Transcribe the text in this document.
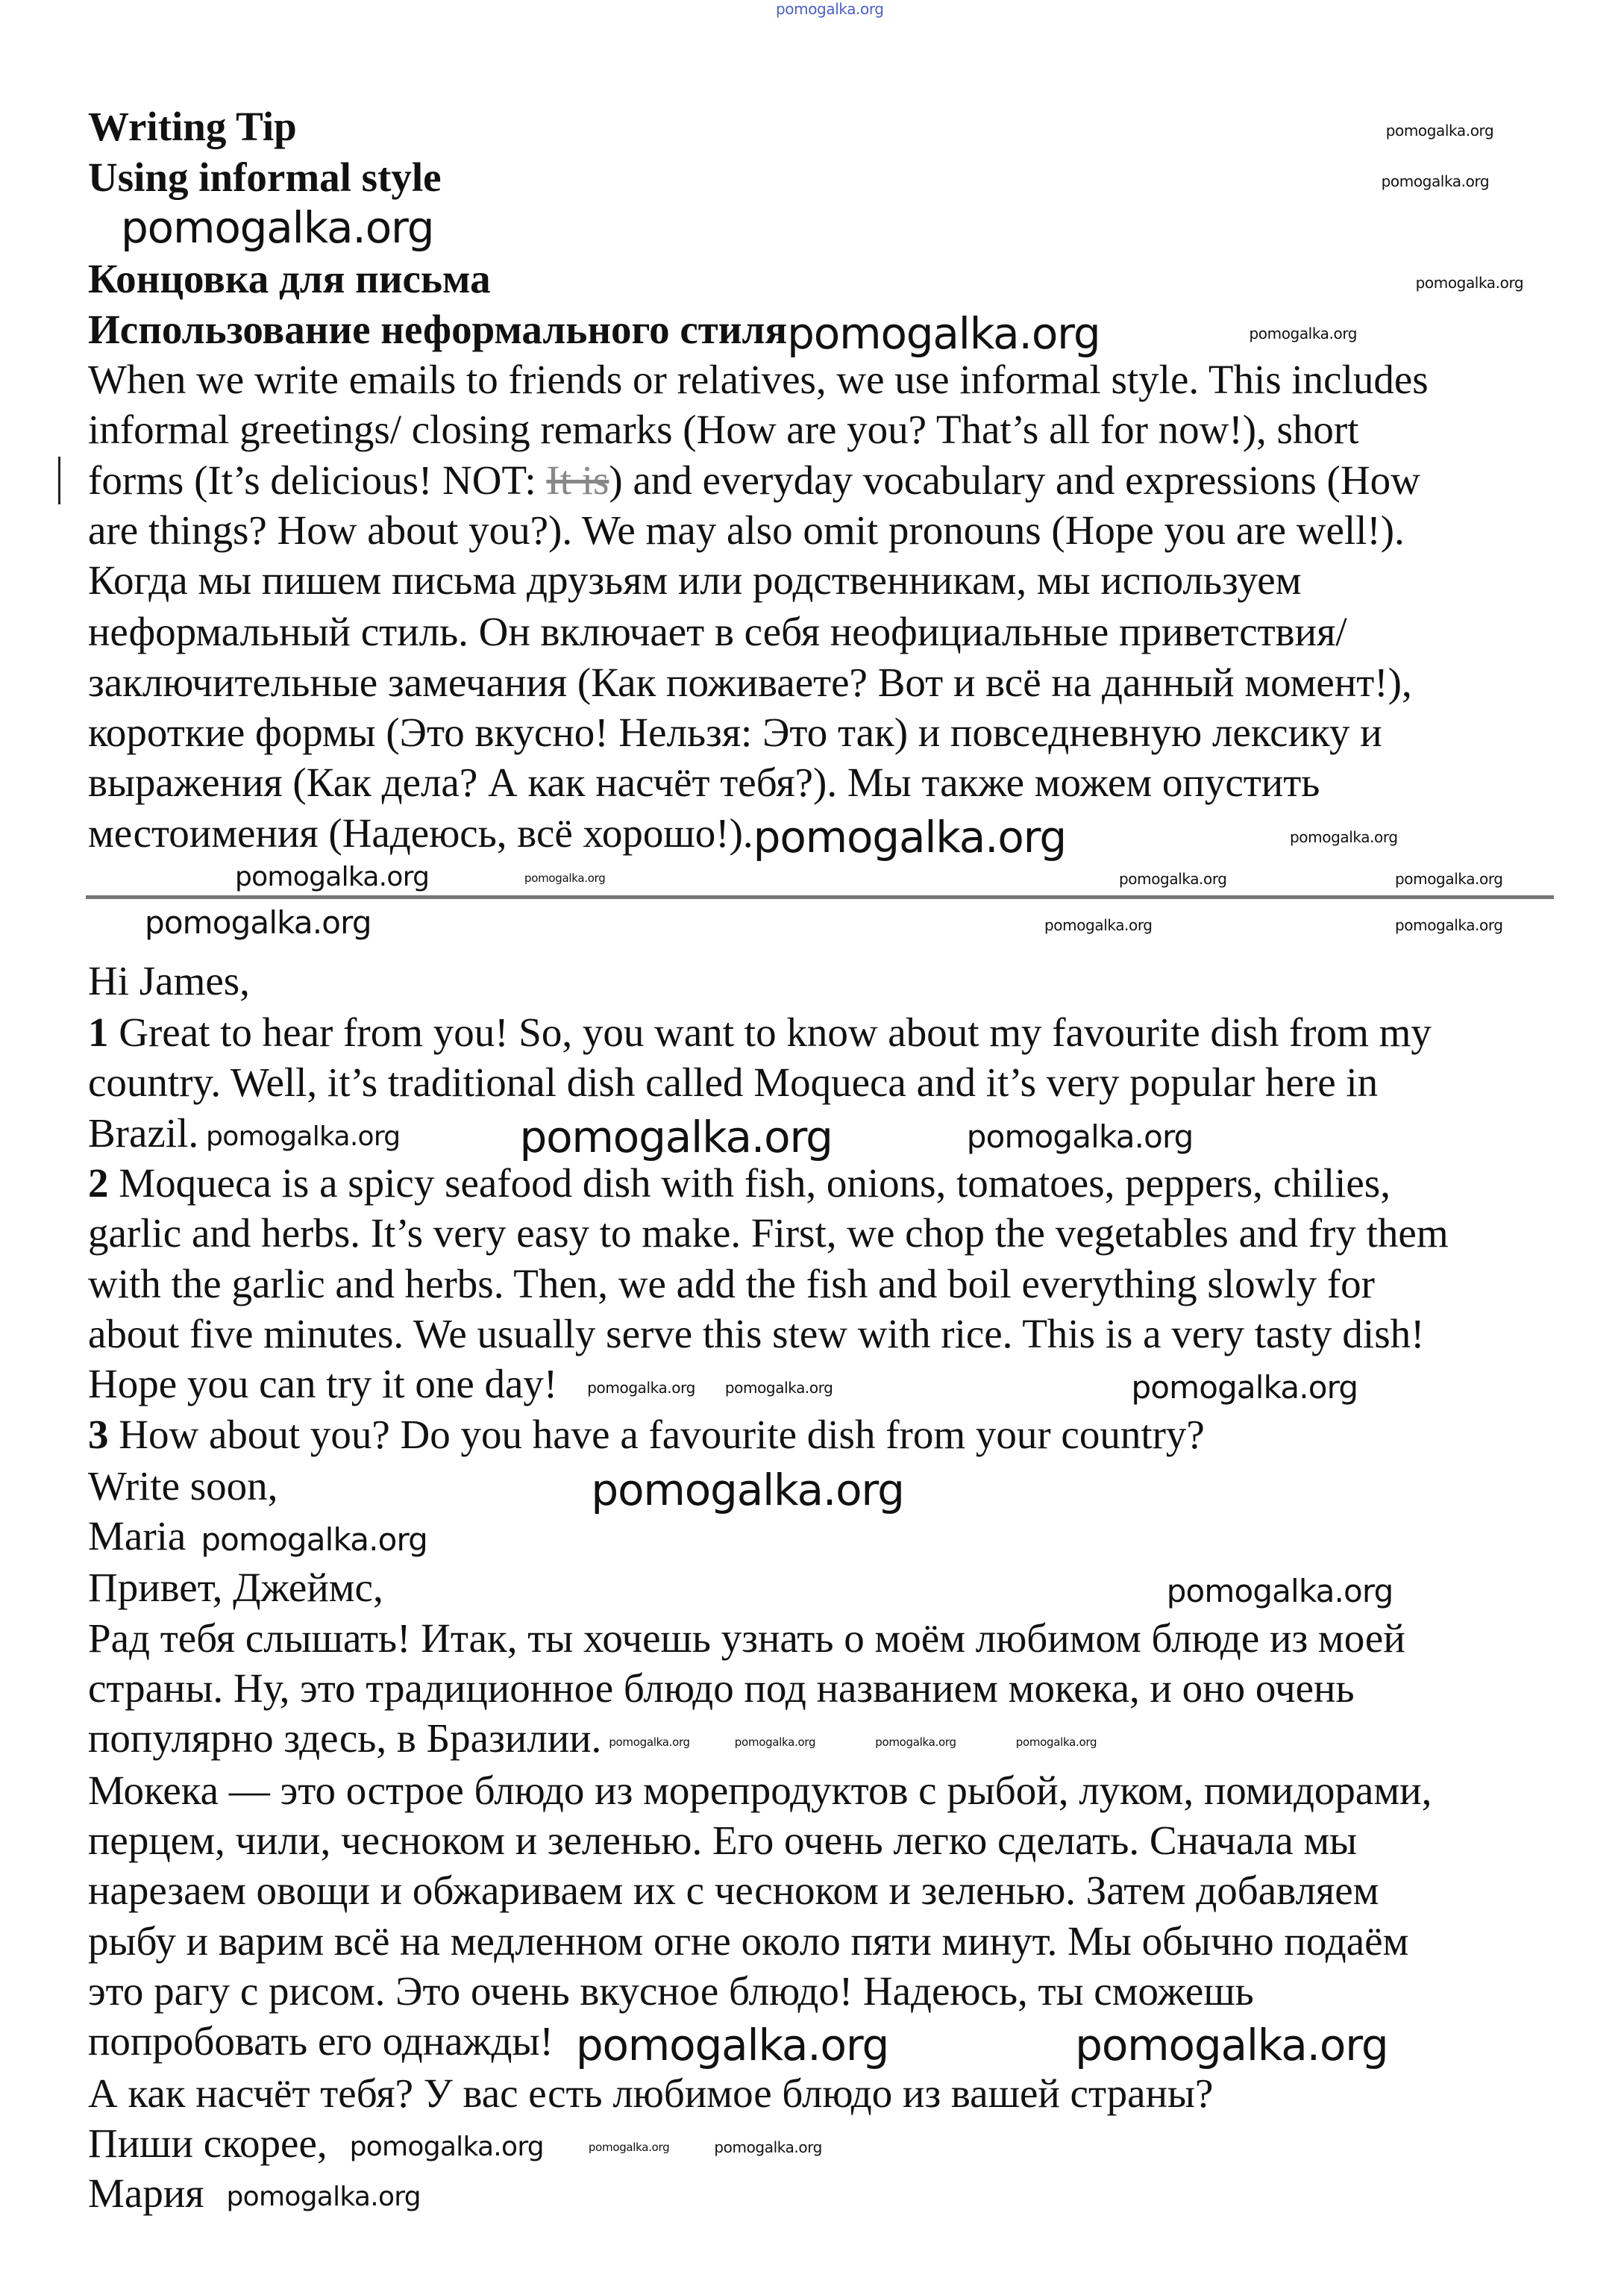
pomogalka.org
Writing Tip	pomogalka.org
Using informal style	pomogalka.org
pomogalka.org
Концовка для письма	pomogalka.org
Использование неформального стиляpomogalka.org	pomogalka.org
When we write emails to friends or relatives, we use informal style. This includes
informal greetings/ closing remarks (How are you? That’s all for now!), short
forms (It’s delicious! NOT: It is) and everyday vocabulary and expressions (How
are things? How about you?). We may also omit pronouns (Hope you are well!).
Когда мы пишем письма друзьям или родственникам, мы используем
неформальный стиль. Он включает в себя неофициальные приветствия/
заключительные замечания (Как поживаете? Вот и всё на данный момент!),
короткие формы (Это вкусно! Нельзя: Это так) и повседневную лексику и
выражения (Как дела? А как насчёт тебя?). Мы также можем опустить
местоимения (Надеюсь, всё хорошо!).pomogalka.org	pomogalka.org
pomogalka.org	pomogalka.org	pomogalka.org	pomogalka.org
pomogalka.org	pomogalka.org	pomogalka.org
Hi James,
1 Great to hear from you! So, you want to know about my favourite dish from my
country. Well, it’s traditional dish called Moqueca and it’s very popular here in
Brazil. pomogalka.org	pomogalka.org	pomogalka.org
2 Moqueca is a spicy seafood dish with fish, onions, tomatoes, peppers, chilies,
garlic and herbs. It’s very easy to make. First, we chop the vegetables and fry them
with the garlic and herbs. Then, we add the fish and boil everything slowly for
about five minutes. We usually serve this stew with rice. This is a very tasty dish!
Hope you can try it one day! pomogalka.org pomogalka.org	pomogalka.org
3 How about you? Do you have a favourite dish from your country?
Write soon,	pomogalka.org
Maria pomogalka.org
Привет, Джеймс,	pomogalka.org
Рад тебя слышать! Итак, ты хочешь узнать о моём любимом блюде из моей
страны. Ну, это традиционное блюдо под названием мокека, и оно очень
популярно здесь, в Бразилии. pomogalka.org	pomogalka.org	pomogalka.org	pomogalka.org
Мокека — это острое блюдо из морепродуктов с рыбой, луком, помидорами,
перцем, чили, чесноком и зеленью. Его очень легко сделать. Сначала мы
нарезаем овощи и обжариваем их с чесноком и зеленью. Затем добавляем
рыбу и варим всё на медленном огне около пяти минут. Мы обычно подаём
это рагу с рисом. Это очень вкусное блюдо! Надеюсь, ты сможешь
попробовать его однажды! pomogalka.org	pomogalka.org
А как насчёт тебя? У вас есть любимое блюдо из вашей страны?
Пиши скорее, pomogalka.org	pomogalka.org	pomogalka.org
Мария pomogalka.org
